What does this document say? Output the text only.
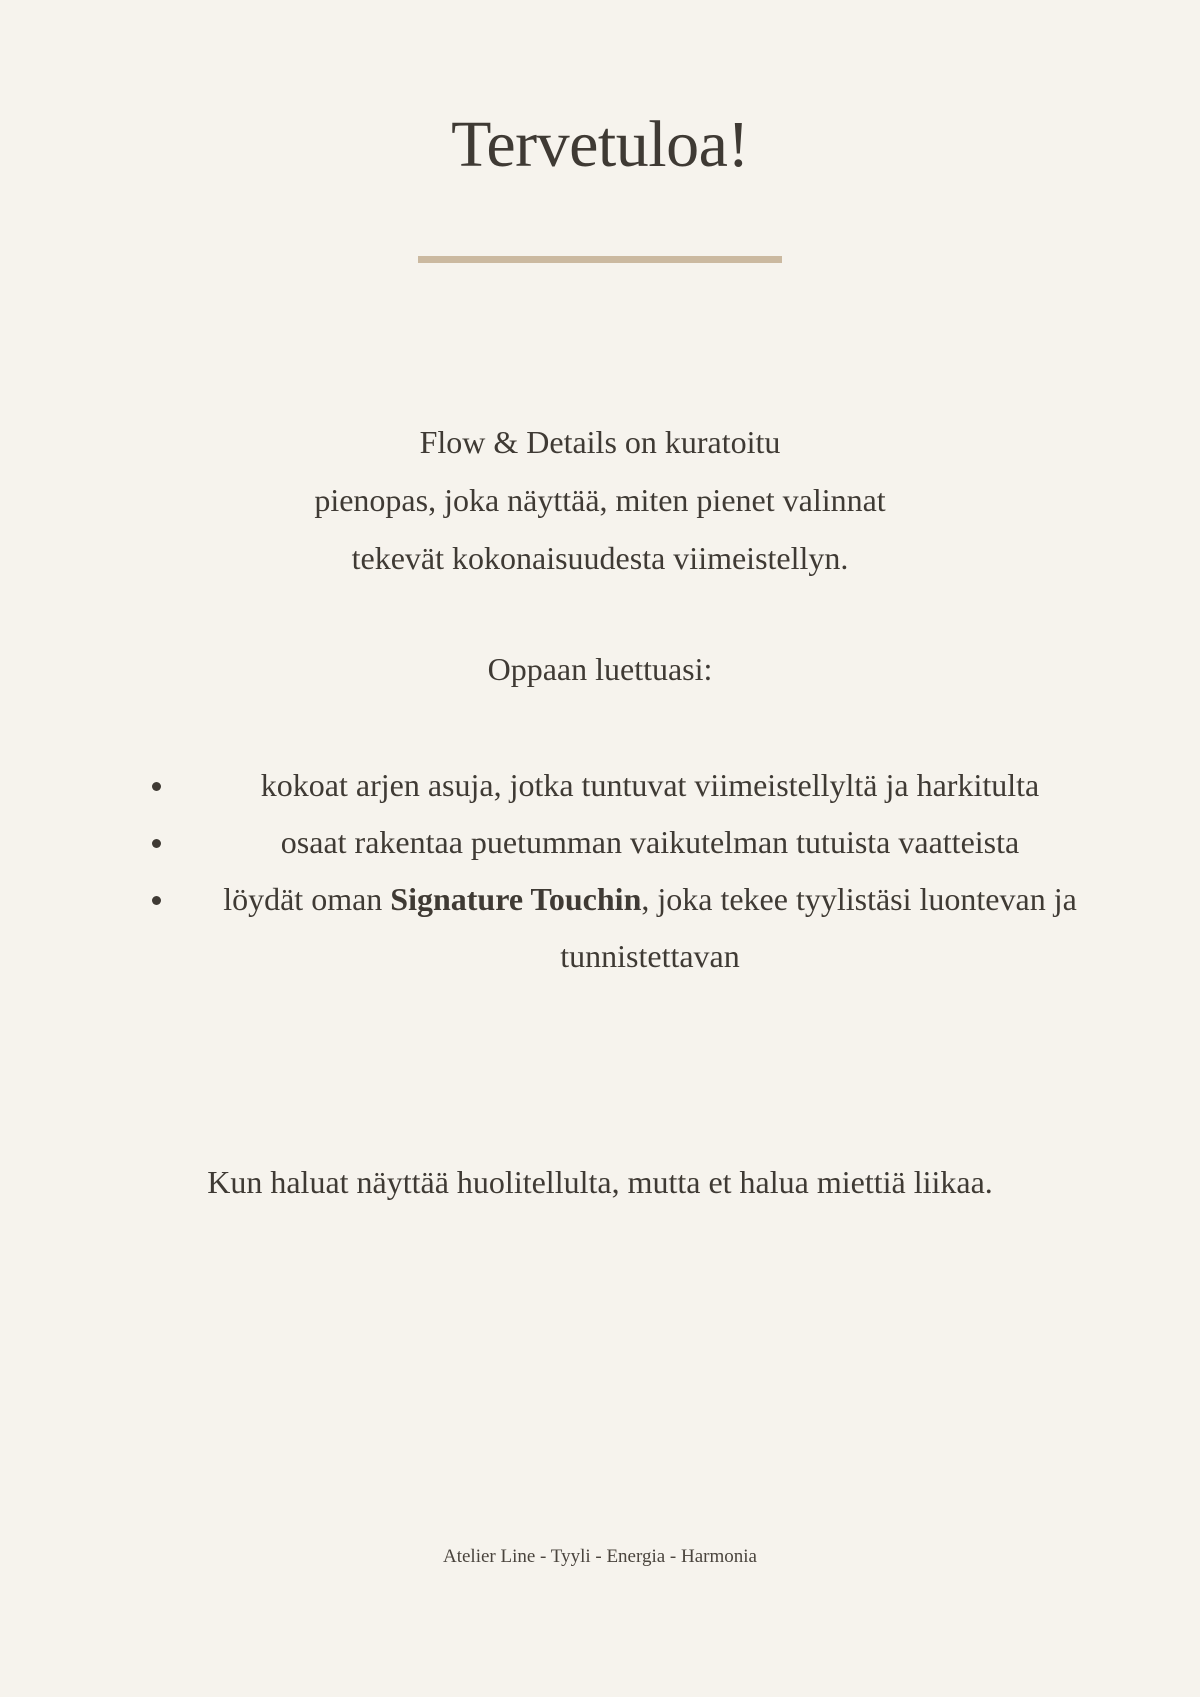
Tervetuloa!

Flow & Details on kuratoitu
pienopas, joka näyttää, miten pienet valinnat
tekevät kokonaisuudesta viimeistellyn.

Oppaan luettuasi:

kokoat arjen asuja, jotka tuntuvat viimeistellyltä ja harkitulta
osaat rakentaa puetumman vaikutelman tutuista vaatteista
löydät oman Signature Touchin, joka tekee tyylistäsi luontevan ja tunnistettavan

Kun haluat näyttää huolitellulta, mutta et halua miettiä liikaa.

Atelier Line - Tyyli - Energia - Harmonia
